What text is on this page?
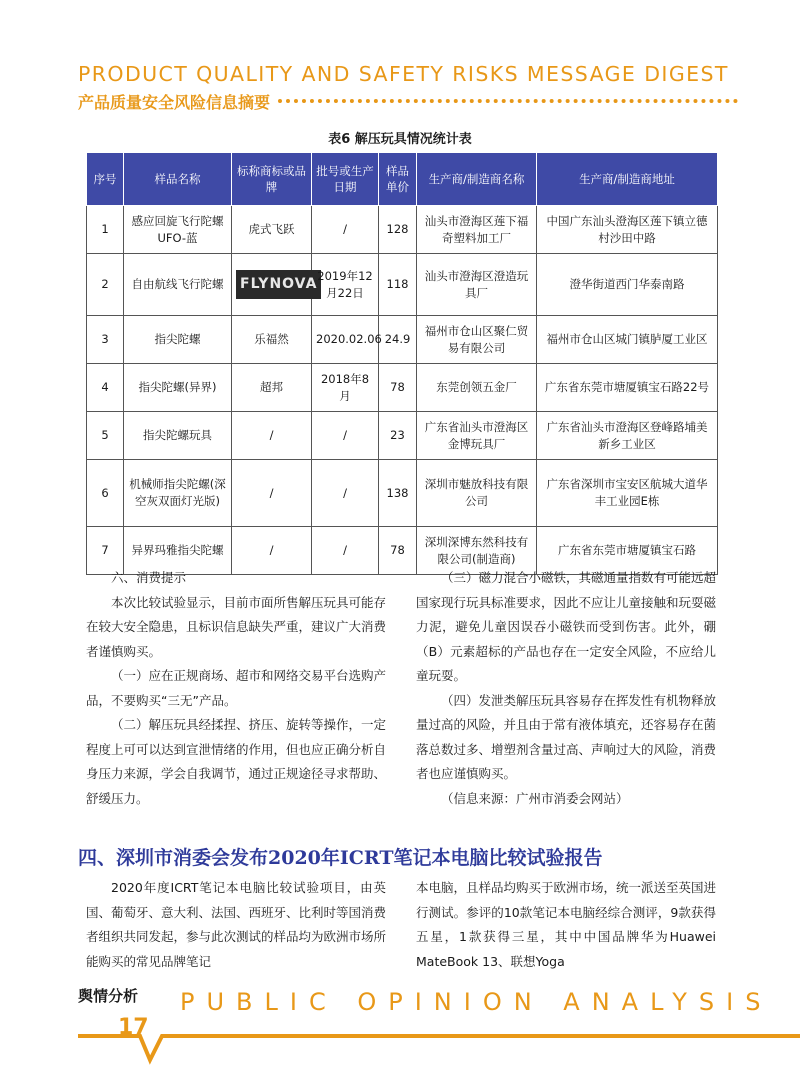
PRODUCT QUALITY AND SAFETY RISKS MESSAGE DIGEST
产品质量安全风险信息摘要
表6 解压玩具情况统计表
序号	样品名称	标称商标或品牌	批号或生产日期	样品单价	生产商/制造商名称	生产商/制造商地址
1	感应回旋飞行陀螺 UFO-蓝	虎式飞跃	/	128	汕头市澄海区莲下福奇塑料加工厂	中国广东汕头澄海区莲下镇立德村沙田中路
2	自由航线飞行陀螺	FLYNOVA	2019年12月22日	118	汕头市澄海区澄造玩具厂	澄华街道西门华泰南路
3	指尖陀螺	乐福然	2020.02.06	24.9	福州市仓山区聚仁贸易有限公司	福州市仓山区城门镇胪厦工业区
4	指尖陀螺(异界)	超邦	2018年8月	78	东莞创领五金厂	广东省东莞市塘厦镇宝石路22号
5	指尖陀螺玩具	/	/	23	广东省汕头市澄海区金博玩具厂	广东省汕头市澄海区登峰路埔美新乡工业区
6	机械师指尖陀螺(深空灰双面灯光版)	/	/	138	深圳市魅放科技有限公司	广东省深圳市宝安区航城大道华丰工业园E栋
7	异界玛雅指尖陀螺	/	/	78	深圳深博东然科技有限公司(制造商)	广东省东莞市塘厦镇宝石路

六、消费提示

本次比较试验显示，目前市面所售解压玩具可能存在较大安全隐患，且标识信息缺失严重，建议广大消费者谨慎购买。

（一）应在正规商场、超市和网络交易平台选购产品，不要购买“三无”产品。

（二）解压玩具经揉捏、挤压、旋转等操作，一定程度上可可以达到宣泄情绪的作用，但也应正确分析自身压力来源，学会自我调节，通过正规途径寻求帮助、舒缓压力。

（三）磁力混合小磁铁，其磁通量指数有可能远超国家现行玩具标准要求，因此不应让儿童接触和玩耍磁力泥，避免儿童因误吞小磁铁而受到伤害。此外，硼（B）元素超标的产品也存在一定安全风险，不应给儿童玩耍。

（四）发泄类解压玩具容易存在挥发性有机物释放量过高的风险，并且由于常有液体填充，还容易存在菌落总数过多、增塑剂含量过高、声响过大的风险，消费者也应谨慎购买。

（信息来源：广州市消委会网站）

四、深圳市消委会发布2020年ICRT笔记本电脑比较试验报告

2020年度ICRT笔记本电脑比较试验项目，由英国、葡萄牙、意大利、法国、西班牙、比利时等国消费者组织共同发起，参与此次测试的样品均为欧洲市场所能购买的常见品牌笔记

本电脑，且样品均购买于欧洲市场，统一派送至英国进行测试。参评的10款笔记本电脑经综合测评，9款获得五星，1款获得三星，其中中国品牌华为Huawei MateBook 13、联想Yoga

舆情分析 PUBLIC OPINION ANALYSIS
17
